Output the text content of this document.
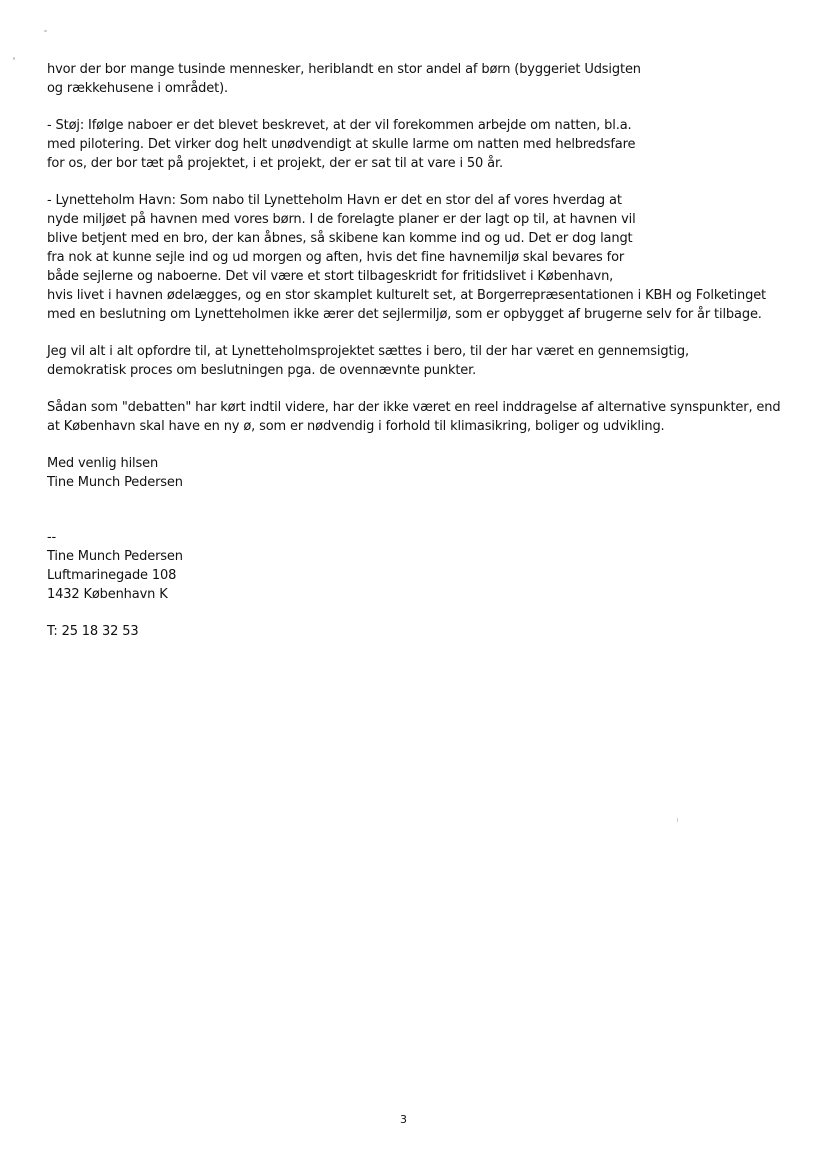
hvor der bor mange tusinde mennesker, heriblandt en stor andel af børn (byggeriet Udsigten
og rækkehusene i området).
- Støj: Ifølge naboer er det blevet beskrevet, at der vil forekommen arbejde om natten, bl.a.
med pilotering. Det virker dog helt unødvendigt at skulle larme om natten med helbredsfare
for os, der bor tæt på projektet, i et projekt, der er sat til at vare i 50 år.
- Lynetteholm Havn: Som nabo til Lynetteholm Havn er det en stor del af vores hverdag at
nyde miljøet på havnen med vores børn. I de forelagte planer er der lagt op til, at havnen vil
blive betjent med en bro, der kan åbnes, så skibene kan komme ind og ud. Det er dog langt
fra nok at kunne sejle ind og ud morgen og aften, hvis det fine havnemiljø skal bevares for
både sejlerne og naboerne. Det vil være et stort tilbageskridt for fritidslivet i København,
hvis livet i havnen ødelægges, og en stor skamplet kulturelt set, at Borgerrepræsentationen i KBH og Folketinget
med en beslutning om Lynetteholmen ikke ærer det sejlermiljø, som er opbygget af brugerne selv for år tilbage.
Jeg vil alt i alt opfordre til, at Lynetteholmsprojektet sættes i bero, til der har været en gennemsigtig,
demokratisk proces om beslutningen pga. de ovennævnte punkter.
Sådan som "debatten" har kørt indtil videre, har der ikke været en reel inddragelse af alternative synspunkter, end
at København skal have en ny ø, som er nødvendig i forhold til klimasikring, boliger og udvikling.
Med venlig hilsen
Tine Munch Pedersen
--
Tine Munch Pedersen
Luftmarinegade 108
1432 København K
T: 25 18 32 53
3
